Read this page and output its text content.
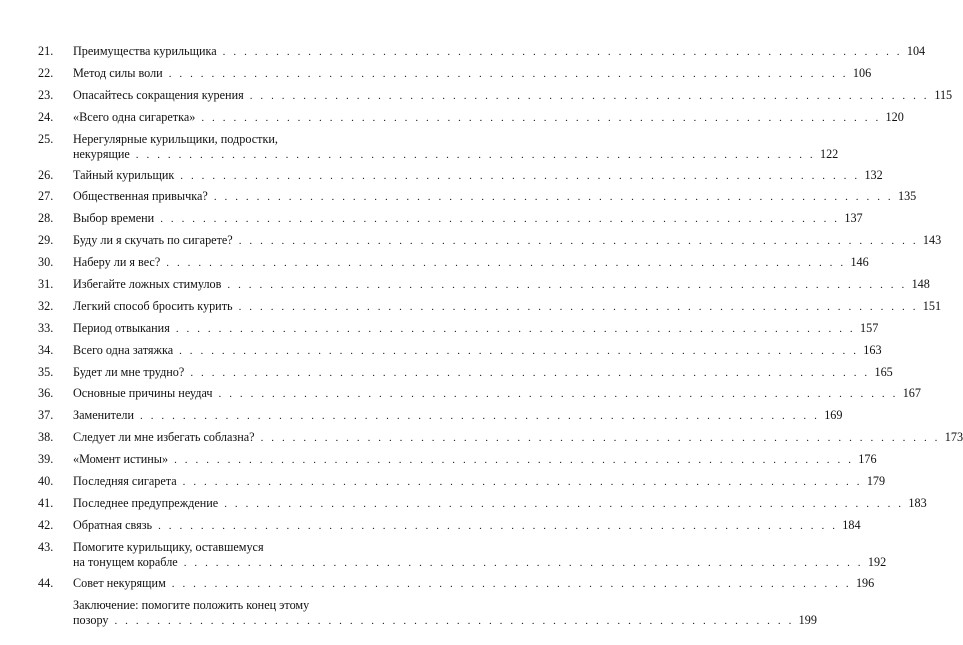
21.	Преимущества курильщика . . . . . . . . . . . . . . . . . . . . . . . . . . . . . . . . . . . . . . . . . . . . . . . . . . . . . . . . . . . . . . . . 104
22.	Метод силы воли . . . . . . . . . . . . . . . . . . . . . . . . . . . . . . . . . . . . . . . . . . . . . . . . . . . . . . . . . . . . . . . . 106
23.	Опасайтесь сокращения курения . . . . . . . . . . . . . . . . . . . . . . . . . . . . . . . . . . . . . . . . . . . . . . . . . . . . . . . . . . . . . . . . 115
24.	«Всего одна сигаретка» . . . . . . . . . . . . . . . . . . . . . . . . . . . . . . . . . . . . . . . . . . . . . . . . . . . . . . . . . . . . . . . . 120
25.	Нерегулярные курильщики, подростки,
некурящие . . . . . . . . . . . . . . . . . . . . . . . . . . . . . . . . . . . . . . . . . . . . . . . . . . . . . . . . . . . . . . . . 122
26.	Тайный курильщик . . . . . . . . . . . . . . . . . . . . . . . . . . . . . . . . . . . . . . . . . . . . . . . . . . . . . . . . . . . . . . . . 132
27.	Общественная привычка? . . . . . . . . . . . . . . . . . . . . . . . . . . . . . . . . . . . . . . . . . . . . . . . . . . . . . . . . . . . . . . . . 135
28.	Выбор времени . . . . . . . . . . . . . . . . . . . . . . . . . . . . . . . . . . . . . . . . . . . . . . . . . . . . . . . . . . . . . . . . 137
29.	Буду ли я скучать по сигарете? . . . . . . . . . . . . . . . . . . . . . . . . . . . . . . . . . . . . . . . . . . . . . . . . . . . . . . . . . . . . . . . . 143
30.	Наберу ли я вес? . . . . . . . . . . . . . . . . . . . . . . . . . . . . . . . . . . . . . . . . . . . . . . . . . . . . . . . . . . . . . . . . 146
31.	Избегайте ложных стимулов . . . . . . . . . . . . . . . . . . . . . . . . . . . . . . . . . . . . . . . . . . . . . . . . . . . . . . . . . . . . . . . . 148
32.	Легкий способ бросить курить . . . . . . . . . . . . . . . . . . . . . . . . . . . . . . . . . . . . . . . . . . . . . . . . . . . . . . . . . . . . . . . . 151
33.	Период отвыкания . . . . . . . . . . . . . . . . . . . . . . . . . . . . . . . . . . . . . . . . . . . . . . . . . . . . . . . . . . . . . . . . 157
34.	Всего одна затяжка . . . . . . . . . . . . . . . . . . . . . . . . . . . . . . . . . . . . . . . . . . . . . . . . . . . . . . . . . . . . . . . . 163
35.	Будет ли мне трудно? . . . . . . . . . . . . . . . . . . . . . . . . . . . . . . . . . . . . . . . . . . . . . . . . . . . . . . . . . . . . . . . . 165
36.	Основные причины неудач . . . . . . . . . . . . . . . . . . . . . . . . . . . . . . . . . . . . . . . . . . . . . . . . . . . . . . . . . . . . . . . . 167
37.	Заменители . . . . . . . . . . . . . . . . . . . . . . . . . . . . . . . . . . . . . . . . . . . . . . . . . . . . . . . . . . . . . . . . 169
38.	Следует ли мне избегать соблазна? . . . . . . . . . . . . . . . . . . . . . . . . . . . . . . . . . . . . . . . . . . . . . . . . . . . . . . . . . . . . . . . . 173
39.	«Момент истины» . . . . . . . . . . . . . . . . . . . . . . . . . . . . . . . . . . . . . . . . . . . . . . . . . . . . . . . . . . . . . . . . 176
40.	Последняя сигарета . . . . . . . . . . . . . . . . . . . . . . . . . . . . . . . . . . . . . . . . . . . . . . . . . . . . . . . . . . . . . . . . 179
41.	Последнее предупреждение . . . . . . . . . . . . . . . . . . . . . . . . . . . . . . . . . . . . . . . . . . . . . . . . . . . . . . . . . . . . . . . . 183
42.	Обратная связь . . . . . . . . . . . . . . . . . . . . . . . . . . . . . . . . . . . . . . . . . . . . . . . . . . . . . . . . . . . . . . . . 184
43.	Помогите курильщику, оставшемуся
на тонущем корабле . . . . . . . . . . . . . . . . . . . . . . . . . . . . . . . . . . . . . . . . . . . . . . . . . . . . . . . . . . . . . . . . 192
44.	Совет некурящим . . . . . . . . . . . . . . . . . . . . . . . . . . . . . . . . . . . . . . . . . . . . . . . . . . . . . . . . . . . . . . . . 196
Заключение: помогите положить конец этому
позору . . . . . . . . . . . . . . . . . . . . . . . . . . . . . . . . . . . . . . . . . . . . . . . . . . . . . . . . . . . . . . . . 199
